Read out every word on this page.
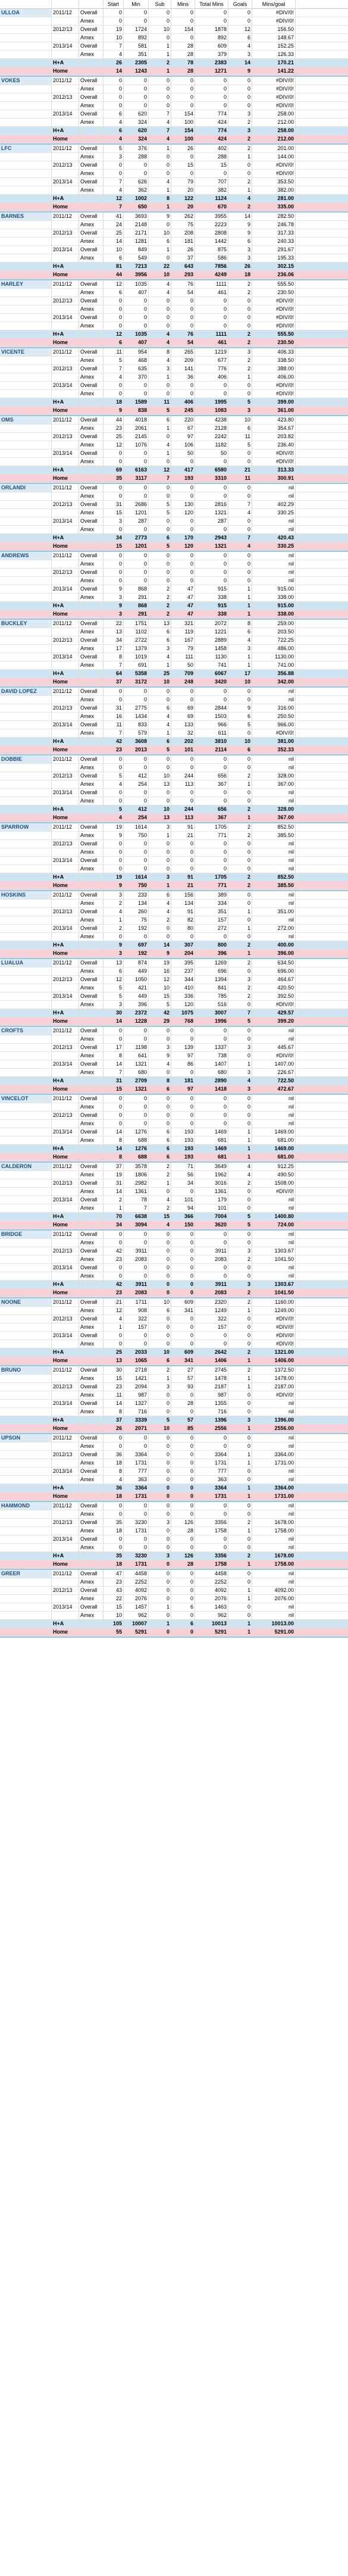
Start	Min	Sub	Mins	Total Mins	Goals	Mins/goal
ULLOA	2011/12	Overall	0	0	0	0	0	0	#DIV/0!
Amex	0	0	0	0	0	0	#DIV/0!
2012/13	Overall	19	1724	10	154	1878	12	156.50
Amex	10	892	0	0	892	6	148.67
2013/14	Overall	7	581	1	28	609	4	152.25
Amex	4	351	1	28	379	3	126.33
H+A	26	2305	2	78	2383	14	170.21
Home	14	1243	1	28	1271	9	141.22
VOKES	2011/12	Overall	0	0	0	0	0	0	#DIV/0!
Amex	0	0	0	0	0	0	#DIV/0!
2012/13	Overall	0	0	0	0	0	0	#DIV/0!
Amex	0	0	0	0	0	0	#DIV/0!
2013/14	Overall	6	620	7	154	774	3	258.00
Amex	4	324	4	100	424	2	212.00
H+A	6	620	7	154	774	3	258.00
Home	4	324	4	100	424	2	212.00
LFC	2011/12	Overall	5	376	1	26	402	2	201.00
Amex	3	288	0	0	288	1	144.00
2012/13	Overall	0	0	0	15	15	0	#DIV/0!
Amex	0	0	0	0	0	0	#DIV/0!
2013/14	Overall	7	626	4	79	707	2	353.50
Amex	4	362	1	20	382	1	382.00
H+A	12	1002	8	122	1124	4	281.00
Home	7	650	1	20	670	2	335.00
BARNES	2011/12	Overall	41	3693	9	262	3955	14	282.50
Amex	24	2148	0	75	2223	9	246.78
2012/13	Overall	25	2171	10	208	2808	9	317.33
Amex	14	1281	6	181	1442	6	240.33
2013/14	Overall	10	849	1	26	875	3	291.67
Amex	6	549	0	37	586	3	195.33
H+A	81	7213	22	643	7856	26	302.15
Home	44	3956	10	293	4249	18	236.06
HARLEY	2011/12	Overall	12	1035	4	76	1111	2	555.50
Amex	6	407	4	54	461	2	230.50
2012/13	Overall	0	0	0	0	0	0	#DIV/0!
Amex	0	0	0	0	0	0	#DIV/0!
2013/14	Overall	0	0	0	0	0	0	#DIV/0!
Amex	0	0	0	0	0	0	#DIV/0!
H+A	12	1035	4	76	1111	2	555.50
Home	6	407	4	54	461	2	230.50
VICENTE	2011/12	Overall	11	954	8	265	1219	3	406.33
Amex	5	468	4	209	677	2	338.50
2012/13	Overall	7	635	3	141	776	2	388.00
Amex	4	370	1	36	406	1	406.00
2013/14	Overall	0	0	0	0	0	0	#DIV/0!
Amex	0	0	0	0	0	0	#DIV/0!
H+A	18	1589	11	406	1995	5	399.00
Home	9	838	5	245	1083	3	361.00
OMS	2011/12	Overall	44	4018	6	220	4238	10	423.80
Amex	23	2061	1	67	2128	6	354.67
2012/13	Overall	25	2145	0	97	2242	11	203.82
Amex	12	1076	4	106	1182	5	236.40
2013/14	Overall	0	0	1	50	50	0	#DIV/0!
Amex	0	0	0	0	0	0	#DIV/0!
H+A	69	6163	12	417	6580	21	313.33
Home	35	3117	7	193	3310	11	300.91
ORLANDI	2011/12	Overall	0	0	0	0	0	0	nil
Amex	0	0	0	0	0	0	nil
2012/13	Overall	31	2686	5	130	2816	7	402.29
Amex	15	1201	5	120	1321	4	330.25
2013/14	Overall	3	287	0	0	287	0	nil
Amex	0	0	0	0	0	0	nil
H+A	34	2773	6	170	2943	7	420.43
Home	15	1201	5	120	1321	4	330.25
ANDREWS	2011/12	Overall	0	0	0	0	0	0	nil
Amex	0	0	0	0	0	0	nil
2012/13	Overall	0	0	0	0	0	0	nil
Amex	0	0	0	0	0	0	nil
2013/14	Overall	9	868	2	47	915	1	915.00
Amex	3	291	2	47	338	1	338.00
H+A	9	868	2	47	915	1	915.00
Home	3	291	2	47	338	1	338.00
BUCKLEY	2011/12	Overall	22	1751	13	321	2072	8	259.00
Amex	13	1102	6	119	1221	6	203.50
2012/13	Overall	34	2722	6	167	2889	4	722.25
Amex	17	1379	3	79	1458	3	486.00
2013/14	Overall	8	1019	4	111	1130	1	1130.00
Amex	7	691	1	50	741	1	741.00
H+A	64	5358	25	709	6067	17	356.88
Home	37	3172	10	248	3420	10	342.00
DAVID LOPEZ	2011/12	Overall	0	0	0	0	0	0	nil
Amex	0	0	0	0	0	0	nil
2012/13	Overall	31	2775	6	69	2844	9	316.00
Amex	16	1434	4	69	1503	6	250.50
2013/14	Overall	11	833	4	133	966	5	966.00
Amex	7	579	1	32	611	0	#DIV/0!
H+A	42	3608	6	202	3810	10	381.00
Home	23	2013	5	101	2114	6	352.33
DOBBIE	2011/12	Overall	0	0	0	0	0	0	nil
Amex	0	0	0	0	0	0	nil
2012/13	Overall	5	412	10	244	656	2	328.00
Amex	4	254	13	113	367	1	367.00
2013/14	Overall	0	0	0	0	0	0	nil
Amex	0	0	0	0	0	0	nil
H+A	5	412	10	244	656	2	328.00
Home	4	254	13	113	367	1	367.00
SPARROW	2011/12	Overall	19	1614	3	91	1705	2	852.50
Amex	9	750	1	21	771	2	385.50
2012/13	Overall	0	0	0	0	0	0	nil
Amex	0	0	0	0	0	0	nil
2013/14	Overall	0	0	0	0	0	0	nil
Amex	0	0	0	0	0	0	nil
H+A	19	1614	3	91	1705	2	852.50
Home	9	750	1	21	771	2	385.50
HOSKINS	2011/12	Overall	3	233	6	156	389	0	nil
Amex	2	134	4	134	334	0	nil
2012/13	Overall	4	260	4	91	351	1	351.00
Amex	1	75	2	82	157	0	nil
2013/14	Overall	2	192	0	80	272	1	272.00
Amex	0	0	0	0	0	0	nil
H+A	9	697	14	307	800	2	400.00
Home	3	192	9	204	396	1	396.00
LUALUA	2011/12	Overall	13	874	19	395	1269	2	634.50
Amex	6	449	16	237	696	0	696.00
2012/13	Overall	12	1050	12	344	1394	3	464.67
Amex	5	421	10	410	841	2	420.50
2013/14	Overall	5	449	15	336	785	2	392.50
Amex	3	396	5	120	516	0	#DIV/0!
H+A	30	2372	42	1075	3007	7	429.57
Home	14	1228	29	768	1996	5	399.20
CROFTS	2011/12	Overall	0	0	0	0	0	0	nil
Amex	0	0	0	0	0	0	nil
2012/13	Overall	17	1198	3	139	1337	3	445.67
Amex	8	641	9	97	738	0	#DIV/0!
2013/14	Overall	14	1321	4	86	1407	1	1407.00
Amex	7	680	0	0	680	3	226.67
H+A	31	2709	8	181	2890	4	722.50
Home	15	1321	6	97	1418	3	472.67
VINCELOT	2011/12	Overall	0	0	0	0	0	0	nil
Amex	0	0	0	0	0	0	nil
2012/13	Overall	0	0	0	0	0	0	nil
Amex	0	0	0	0	0	0	nil
2013/14	Overall	14	1276	6	193	1469	1	1469.00
Amex	8	688	6	193	681	1	681.00
H+A	14	1276	6	193	1469	1	1469.00
Home	8	688	6	193	681	1	681.00
CALDERON	2011/12	Overall	37	3578	2	71	3649	4	912.25
Amex	19	1806	2	56	1962	4	490.50
2012/13	Overall	31	2982	1	34	3016	2	1508.00
Amex	14	1361	0	0	1361	0	#DIV/0!
2013/14	Overall	2	78	4	101	179	0	nil
Amex	1	7	2	94	101	0	nil
H+A	70	6638	15	366	7004	5	1400.80
Home	34	3094	4	150	3620	5	724.00
BRIDGE	2011/12	Overall	0	0	0	0	0	0	nil
Amex	0	0	0	0	0	0	nil
2012/13	Overall	42	3911	0	0	3911	3	1303.67
Amex	23	2083	0	0	2083	2	1041.50
2013/14	Overall	0	0	0	0	0	0	nil
Amex	0	0	0	0	0	0	nil
H+A	42	3911	0	0	3911	3	1303.67
Home	23	2083	0	0	2083	2	1041.50
NOONE	2011/12	Overall	21	1711	10	609	2320	2	1160.00
Amex	12	908	6	341	1249	1	1249.00
2012/13	Overall	4	322	0	0	322	0	#DIV/0!
Amex	1	157	0	0	157	0	#DIV/0!
2013/14	Overall	0	0	0	0	0	0	#DIV/0!
Amex	0	0	0	0	0	0	#DIV/0!
H+A	25	2033	10	609	2642	2	1321.00
Home	13	1065	6	341	1406	1	1406.00
BRUNO	2011/12	Overall	30	2718	2	27	2745	2	1372.50
Amex	15	1421	1	57	1478	1	1478.00
2012/13	Overall	23	2094	3	93	2187	1	2187.00
Amex	11	987	0	0	987	0	#DIV/0!
2013/14	Overall	14	1327	0	28	1355	0	nil
Amex	8	716	0	0	716	0	nil
H+A	37	3339	5	57	1396	3	1396.00
Home	26	2071	10	85	2556	1	2556.00
UPSON	2011/12	Overall	0	0	0	0	0	0	nil
Amex	0	0	0	0	0	0	nil
2012/13	Overall	36	3364	0	0	3364	1	3364.00
Amex	18	1731	0	0	1731	1	1731.00
2013/14	Overall	8	777	0	0	777	0	nil
Amex	4	363	0	0	363	0	nil
H+A	36	3364	0	0	3364	1	3364.00
Home	18	1731	0	0	1731	1	1731.00
HAMMOND	2011/12	Overall	0	0	0	0	0	0	nil
Amex	0	0	0	0	0	0	nil
2012/13	Overall	35	3230	3	126	3356	2	1678.00
Amex	18	1731	0	28	1758	1	1758.00
2013/14	Overall	0	0	0	0	0	0	nil
Amex	0	0	0	0	0	0	nil
H+A	35	3230	3	126	3356	2	1678.00
Home	18	1731	0	28	1758	1	1758.00
GREER	2011/12	Overall	47	4458	0	0	4458	0	nil
Amex	23	2252	0	0	2252	0	nil
2012/13	Overall	43	4092	0	0	4092	1	4092.00
Amex	22	2076	0	0	2076	1	2076.00
2013/14	Overall	15	1457	1	6	1463	0	nil
Amex	10	962	0	0	962	0	nil
H+A	105	10007	1	6	10013	1	10013.00
Home	55	5291	0	0	5291	1	5291.00
